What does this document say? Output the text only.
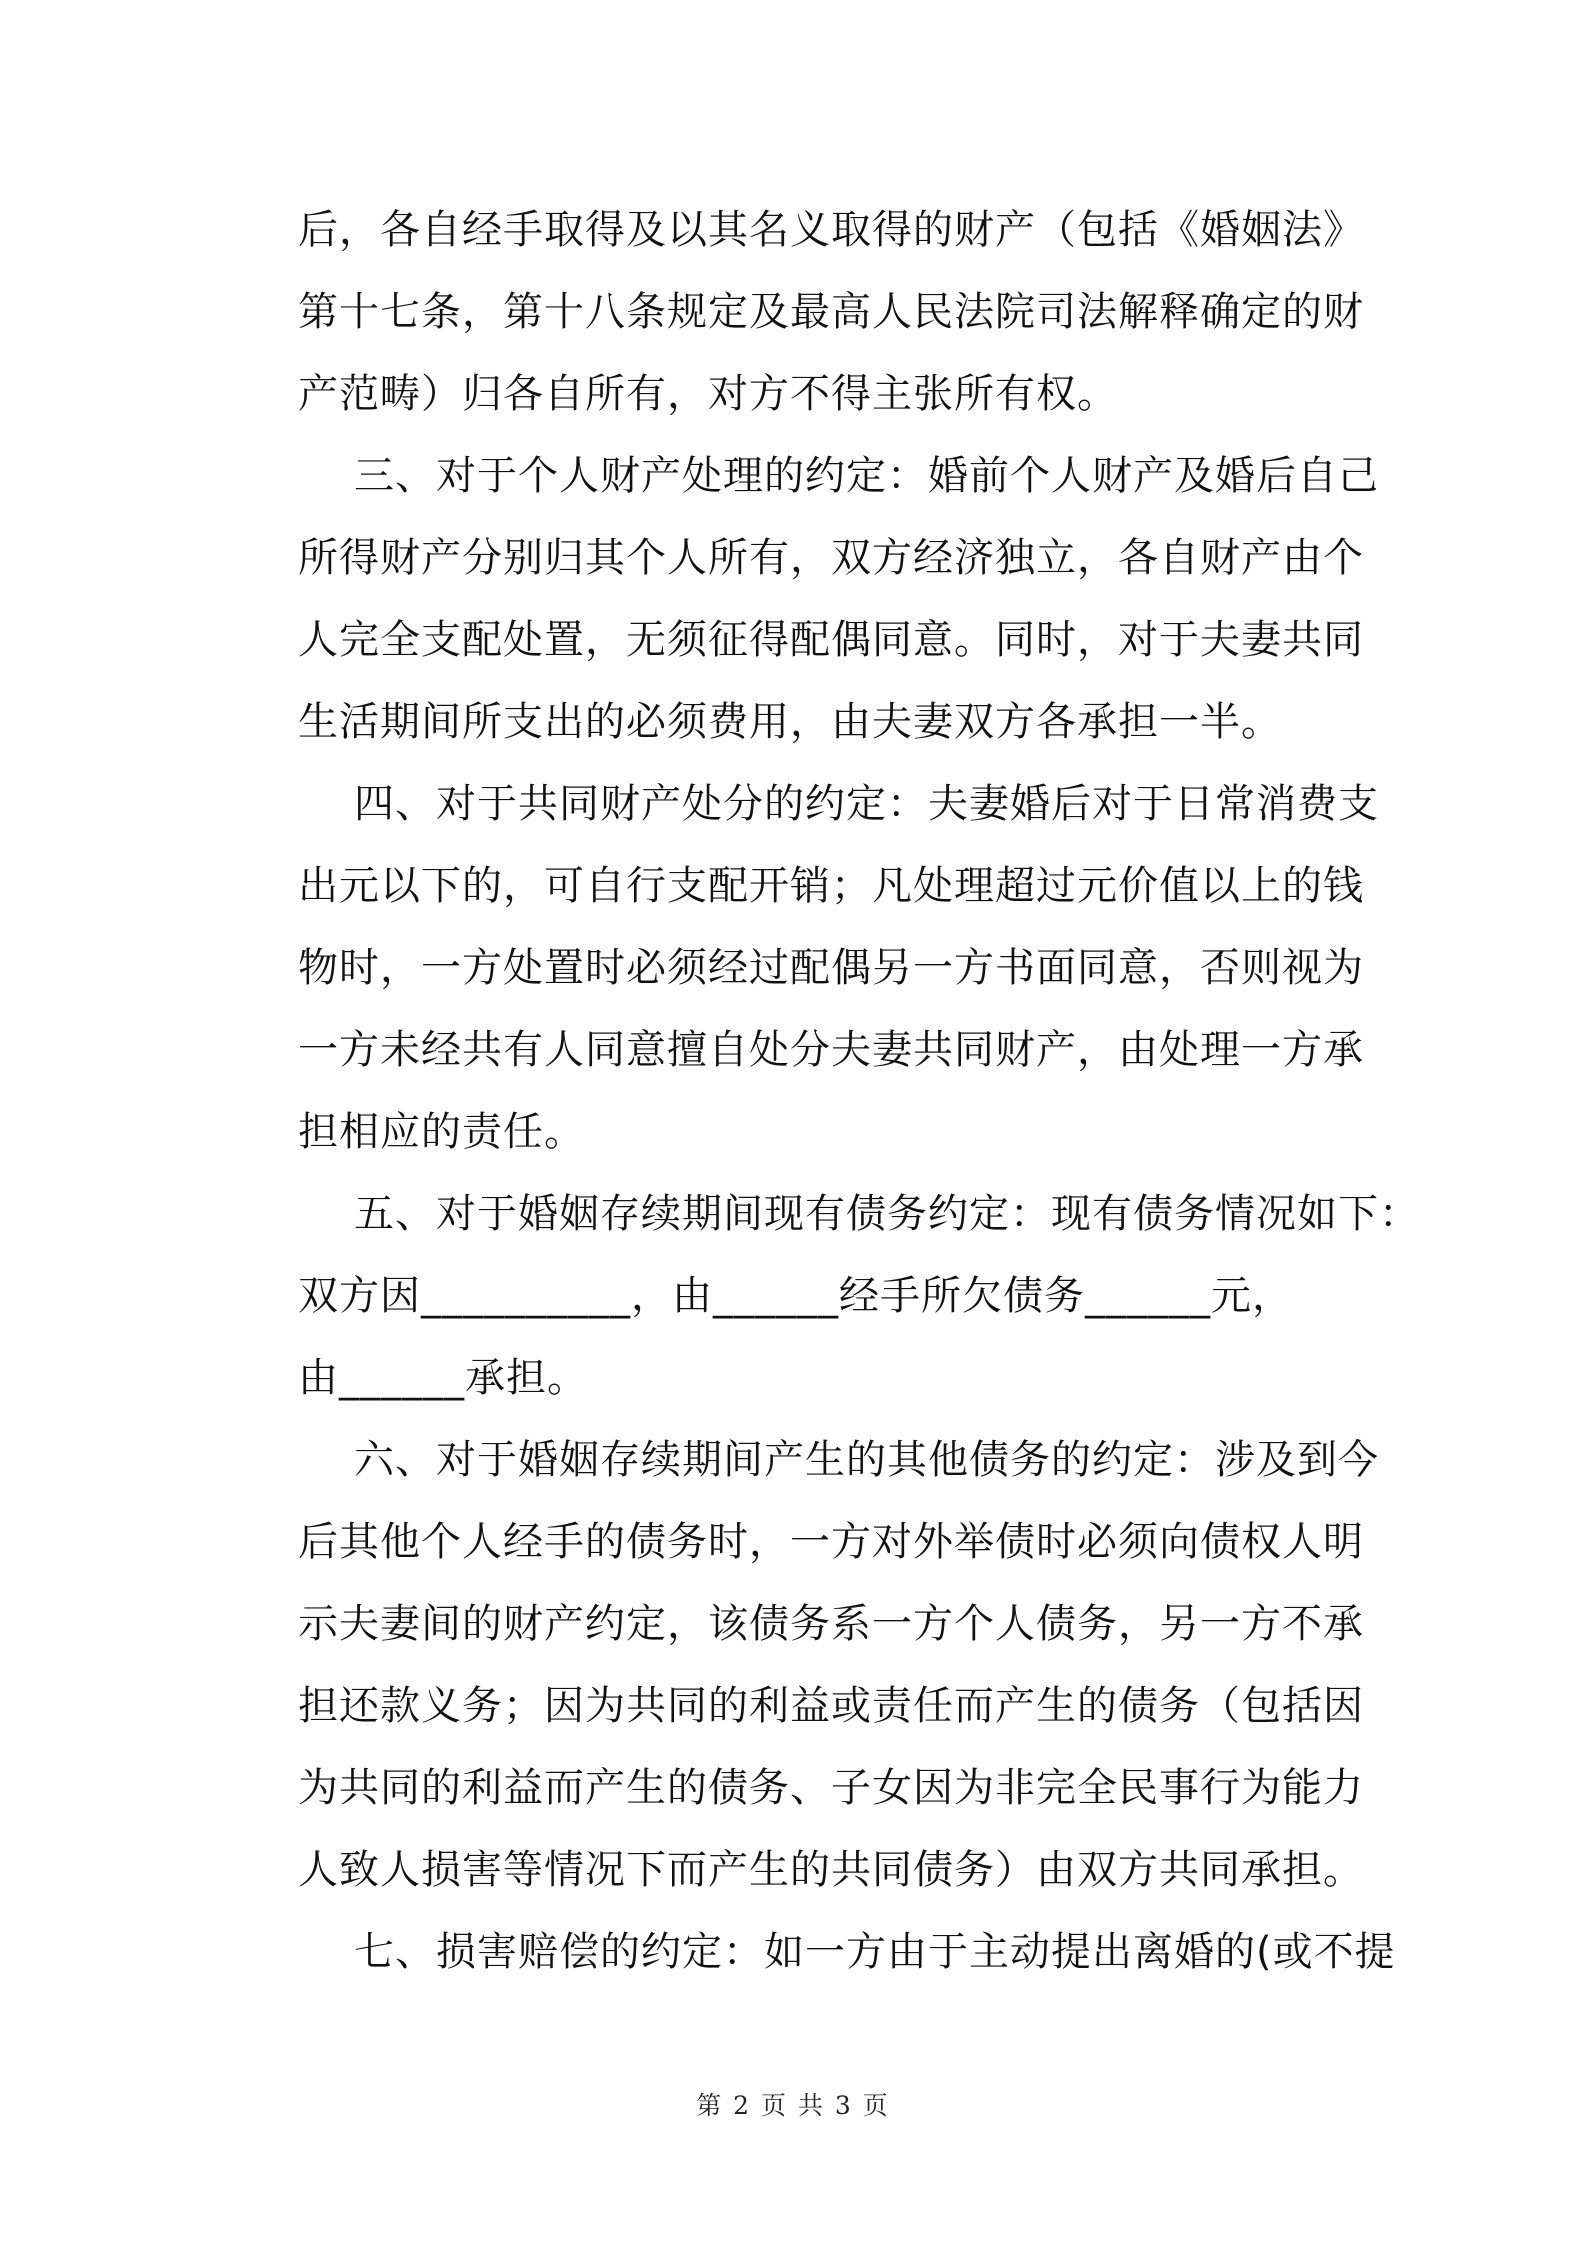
后，各自经手取得及以其名义取得的财产（包括《婚姻法》
第十七条，第十八条规定及最高人民法院司法解释确定的财
产范畴）归各自所有，对方不得主张所有权。
三、对于个人财产处理的约定：婚前个人财产及婚后自己
所得财产分别归其个人所有，双方经济独立，各自财产由个
人完全支配处置，无须征得配偶同意。同时，对于夫妻共同
生活期间所支出的必须费用，由夫妻双方各承担一半。
四、对于共同财产处分的约定：夫妻婚后对于日常消费支
出元以下的，可自行支配开销；凡处理超过元价值以上的钱
物时，一方处置时必须经过配偶另一方书面同意，否则视为
一方未经共有人同意擅自处分夫妻共同财产，由处理一方承
担相应的责任。
五、对于婚姻存续期间现有债务约定：现有债务情况如下：
双方因__________，由______经手所欠债务______元，
由______承担。
六、对于婚姻存续期间产生的其他债务的约定：涉及到今
后其他个人经手的债务时，一方对外举债时必须向债权人明
示夫妻间的财产约定，该债务系一方个人债务，另一方不承
担还款义务；因为共同的利益或责任而产生的债务（包括因
为共同的利益而产生的债务、子女因为非完全民事行为能力
人致人损害等情况下而产生的共同债务）由双方共同承担。
七、损害赔偿的约定：如一方由于主动提出离婚的(或不提
第 2 页 共 3 页
